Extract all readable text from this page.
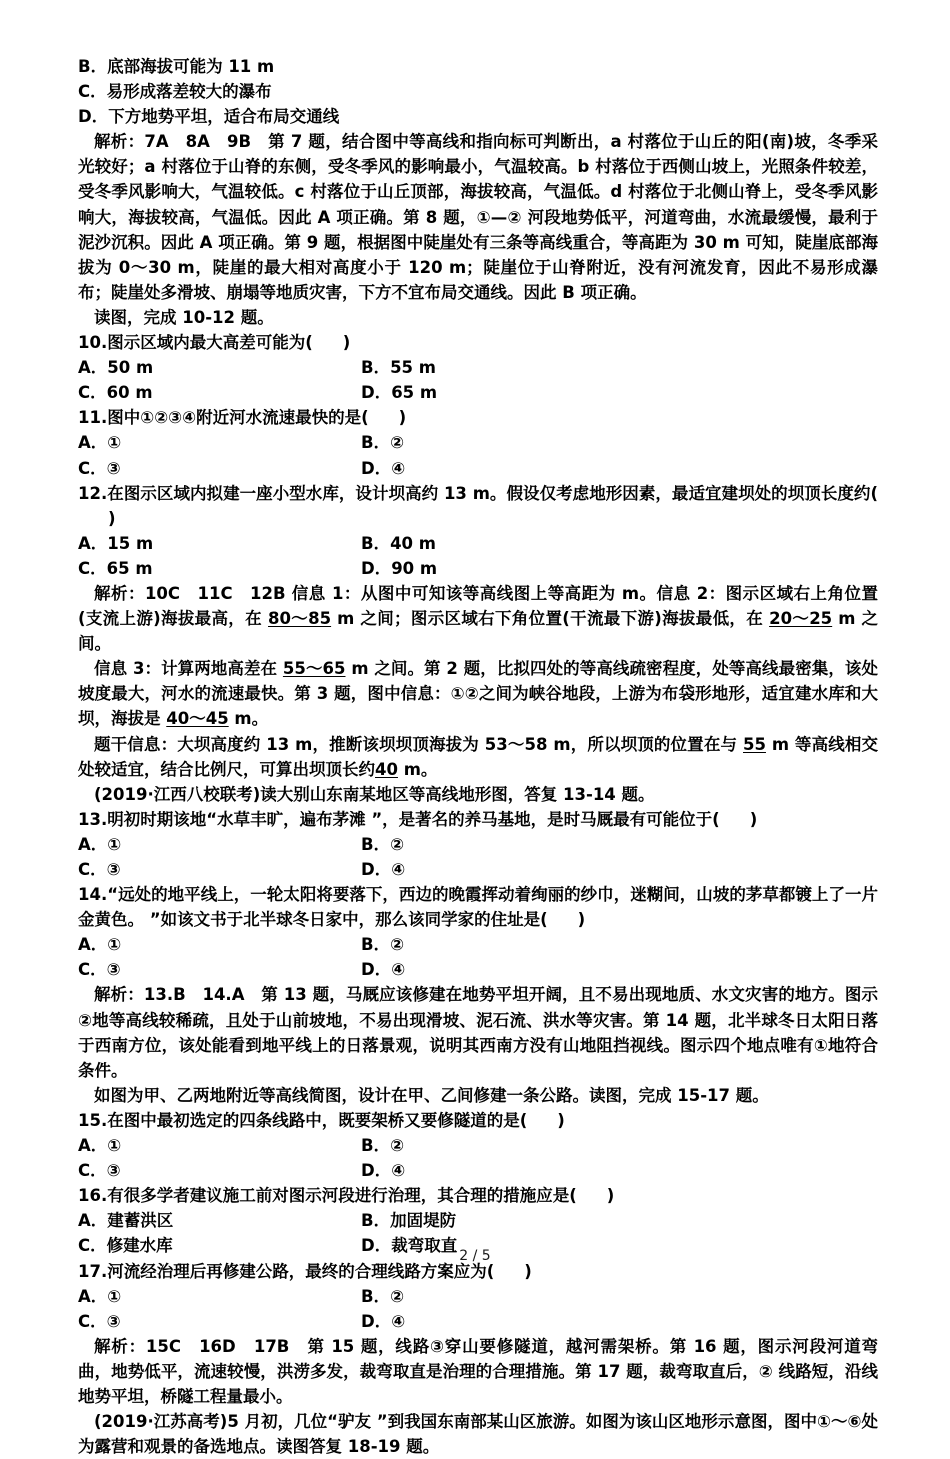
B．底部海拔可能为 11 m
C．易形成落差较大的瀑布
D．下方地势平坦，适合布局交通线
解析：7A　8A　9B　第 7 题，结合图中等高线和指向标可判断出，a 村落位于山丘的阳(南)坡，冬季采光较好；a 村落位于山脊的东侧，受冬季风的影响最小，气温较高。b 村落位于西侧山坡上，光照条件较差，受冬季风影响大，气温较低。c 村落位于山丘顶部，海拔较高，气温低。d 村落位于北侧山脊上，受冬季风影响大，海拔较高，气温低。因此 A 项正确。第 8 题，①—② 河段地势低平，河道弯曲，水流最缓慢，最利于泥沙沉积。因此 A 项正确。第 9 题，根据图中陡崖处有三条等高线重合，等高距为 30 m 可知，陡崖底部海拔为 0～30 m，陡崖的最大相对高度小于 120 m；陡崖位于山脊附近，没有河流发育，因此不易形成瀑布；陡崖处多滑坡、崩塌等地质灾害，下方不宜布局交通线。因此 B 项正确。
读图，完成 10-12 题。
10.图示区域内最大高差可能为( )
A．50 m	B．55 m
C．60 m	D．65 m
11.图中①②③④附近河水流速最快的是( )
A．①	B．②
C．③	D．④
12.在图示区域内拟建一座小型水库，设计坝高约 13 m。假设仅考虑地形因素，最适宜建坝处的坝顶长度约()
A．15 m	B．40 m
C．65 m	D．90 m
解析：10C　11C　12B 信息 1：从图中可知该等高线图上等高距为 m。信息 2：图示区域右上角位置(支流上游)海拔最高，在 80～85 m 之间；图示区域右下角位置(干流最下游)海拔最低，在 20～25 m 之间。
信息 3：计算两地高差在 55～65 m 之间。第 2 题，比拟四处的等高线疏密程度，处等高线最密集，该处坡度最大，河水的流速最快。第 3 题，图中信息：①②之间为峡谷地段，上游为布袋形地形，适宜建水库和大坝，海拔是 40～45 m。
题干信息：大坝高度约 13 m，推断该坝坝顶海拔为 53～58 m，所以坝顶的位置在与 55 m 等高线相交处较适宜，结合比例尺，可算出坝顶长约40 m。
(2019·江西八校联考)读大别山东南某地区等高线地形图，答复 13-14 题。
13.明初时期该地“水草丰旷，遍布茅滩 ”，是著名的养马基地，是时马厩最有可能位于( )
A．①	B．②
C．③	D．④
14.“远处的地平线上，一轮太阳将要落下，西边的晚霞挥动着绚丽的纱巾，迷糊间，山坡的茅草都镀上了一片金黄色。 ”如该文书于北半球冬日家中，那么该同学家的住址是( )
A．①	B．②
C．③	D．④
解析：13.B　14.A　第 13 题，马厩应该修建在地势平坦开阔，且不易出现地质、水文灾害的地方。图示②地等高线较稀疏，且处于山前坡地，不易出现滑坡、泥石流、洪水等灾害。第 14 题，北半球冬日太阳日落于西南方位，该处能看到地平线上的日落景观，说明其西南方没有山地阻挡视线。图示四个地点唯有①地符合条件。
如图为甲、乙两地附近等高线简图，设计在甲、乙间修建一条公路。读图，完成 15-17 题。
15.在图中最初选定的四条线路中，既要架桥又要修隧道的是( )
A．①	B．②
C．③	D．④
16.有很多学者建议施工前对图示河段进行治理，其合理的措施应是( )
A．建蓄洪区	B．加固堤防
C．修建水库	D．裁弯取直
17.河流经治理后再修建公路，最终的合理线路方案应为( )
A．①	B．②
C．③	D．④
解析：15C　16D　17B　第 15 题，线路③穿山要修隧道，越河需架桥。第 16 题，图示河段河道弯曲，地势低平，流速较慢，洪涝多发，裁弯取直是治理的合理措施。第 17 题，裁弯取直后，② 线路短，沿线地势平坦，桥隧工程量最小。
(2019·江苏高考)5 月初，几位“驴友 ”到我国东南部某山区旅游。如图为该山区地形示意图，图中①～⑥处为露营和观景的备选地点。读图答复 18-19 题。
2 / 5
